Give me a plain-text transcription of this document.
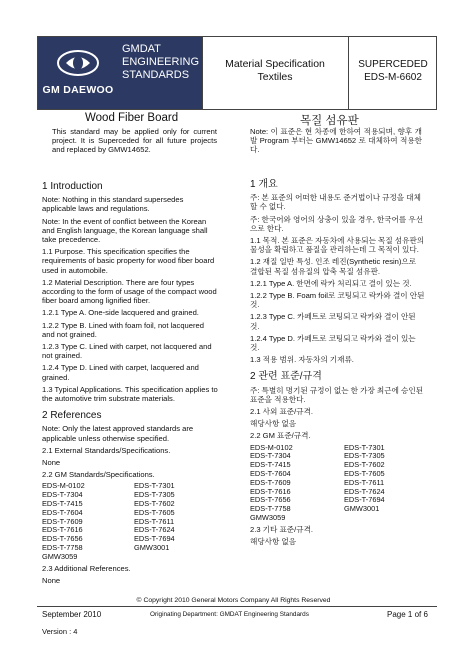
GM DAEWOO
GMDAT
ENGINEERING
STANDARDS
Material Specification
Textiles
SUPERCEDED
EDS-M-6602
Wood Fiber Board	목질 섬유판
This standard may be applied only for current project. It is Superceded for all future projects and replaced by GMW14652.
Note: 이 표준은 현 차종에 한하여 적용되며, 향후 개발 Program 부터는 GMW14652 로 대체하여 적용한다.
1 Introduction

Note: Nothing in this standard supersedes applicable laws and regulations.

Note: In the event of conflict between the Korean and English language, the Korean language shall take precedence.

1.1 Purpose. This specification specifies the requirements of basic property for wood fiber board used in automobile.

1.2 Material Description. There are four types according to the form of usage of the compact wood fiber board among lignified fiber.

1.2.1 Type A. One-side lacquered and grained.

1.2.2 Type B. Lined with foam foil, not lacquered and not grained.

1.2.3 Type C. Lined with carpet, not lacquered and not grained.

1.2.4 Type D. Lined with carpet, lacquered and grained.

1.3 Typical Applications. This specification applies to the automotive trim substrate materials.

2 References

Note: Only the latest approved standards are applicable unless otherwise specified.

2.1 External Standards/Specifications.

None

2.2 GM Standards/Specifications.

EDS-M-0102	EDS-T-7301
EDS-T-7304	EDS-T-7305
EDS-T-7415	EDS-T-7602
EDS-T-7604	EDS-T-7605
EDS-T-7609	EDS-T-7611
EDS-T-7616	EDS-T-7624
EDS-T-7656	EDS-T-7694
EDS-T-7758	GMW3001
GMW3059

2.3 Additional References.

None

1 개요

주: 본 표준의 어떠한 내용도 준거법이나 규정을 대체할 수 없다.

주: 한국어와 영어의 상충이 있을 경우, 한국어를 우선으로 한다.

1.1 목적. 본 표준은 자동차에 사용되는 목질 섬유판의 물성을 확립하고 품질을 관리하는데 그 목적이 있다.

1.2 재질 일반 특성. 인조 레진(Synthetic resin)으로 결합된 목질 섬유질의 압축 목질 섬유판.

1.2.1 Type A. 한면에 락카 처리되고 결이 있는 것.

1.2.2 Type B. Foam foil로 코팅되고 락카와 결이 안된 것.

1.2.3 Type C. 카페트로 코팅되고 락카와 결이 안된 것.

1.2.4 Type D. 카페트로 코팅되고 락카와 결이 있는 것.

1.3 적용 범위. 자동차의 기재류.

2 관련 표준/규격

주: 특별히 명기된 규정이 없는 한 가장 최근에 승인된 표준을 적용한다.

2.1 사외 표준/규격.

해당사항 없음

2.2 GM 표준/규격.

EDS-M-0102	EDS-T-7301
EDS-T-7304	EDS-T-7305
EDS-T-7415	EDS-T-7602
EDS-T-7604	EDS-T-7605
EDS-T-7609	EDS-T-7611
EDS-T-7616	EDS-T-7624
EDS-T-7656	EDS-T-7694
EDS-T-7758	GMW3001
GMW3059

2.3 기타 표준/규격.

해당사항 없음

© Copyright 2010 General Motors Company All Rights Reserved
September 2010	Originating Department: GMDAT Engineering Standards	Page 1 of 6
Version : 4
